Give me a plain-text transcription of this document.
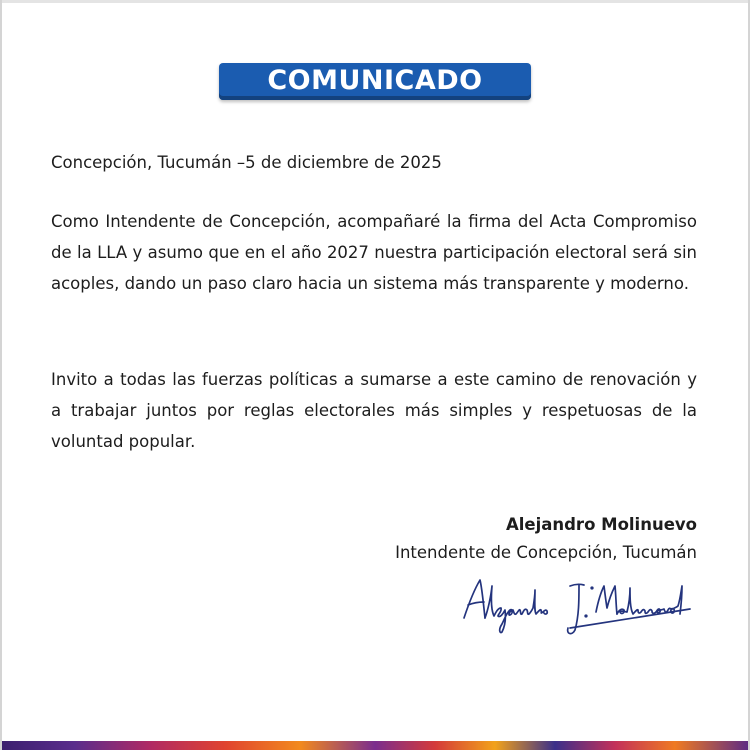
COMUNICADO
Concepción, Tucumán –5 de diciembre de 2025
Como Intendente de Concepción, acompañaré la firma del Acta Compromiso de la LLA y asumo que en el año 2027 nuestra participación electoral será sin acoples, dando un paso claro hacia un sistema más transparente y moderno.
Invito a todas las fuerzas políticas a sumarse a este camino de renovación y a trabajar juntos por reglas electorales más simples y respetuosas de la voluntad popular.
Alejandro Molinuevo
Intendente de Concepción, Tucumán
